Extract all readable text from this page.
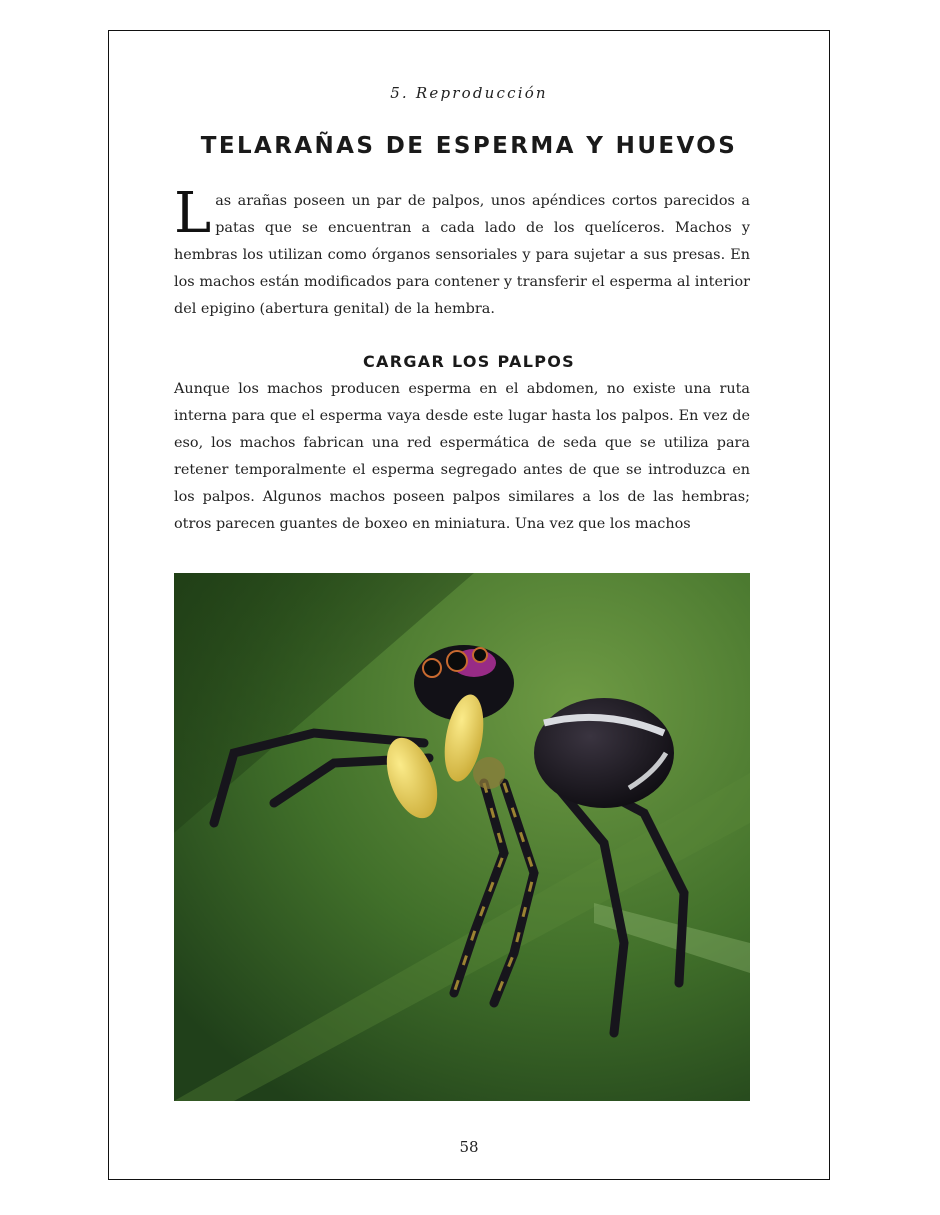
5. Reproducción
TELARAÑAS DE ESPERMA Y HUEVOS

Las arañas poseen un par de palpos, unos apéndices cortos parecidos a patas que se encuentran a cada lado de los quelíceros. Machos y hembras los utilizan como órganos sensoriales y para sujetar a sus presas. En los machos están modificados para contener y transferir el esperma al interior del epigino (abertura genital) de la hembra.

CARGAR LOS PALPOS

Aunque los machos producen esperma en el abdomen, no existe una ruta interna para que el esperma vaya desde este lugar hasta los palpos. En vez de eso, los machos fabrican una red espermática de seda que se utiliza para retener temporalmente el esperma segregado antes de que se introduzca en los palpos. Algunos machos poseen palpos similares a los de las hembras; otros parecen guantes de boxeo en miniatura. Una vez que los machos

58
